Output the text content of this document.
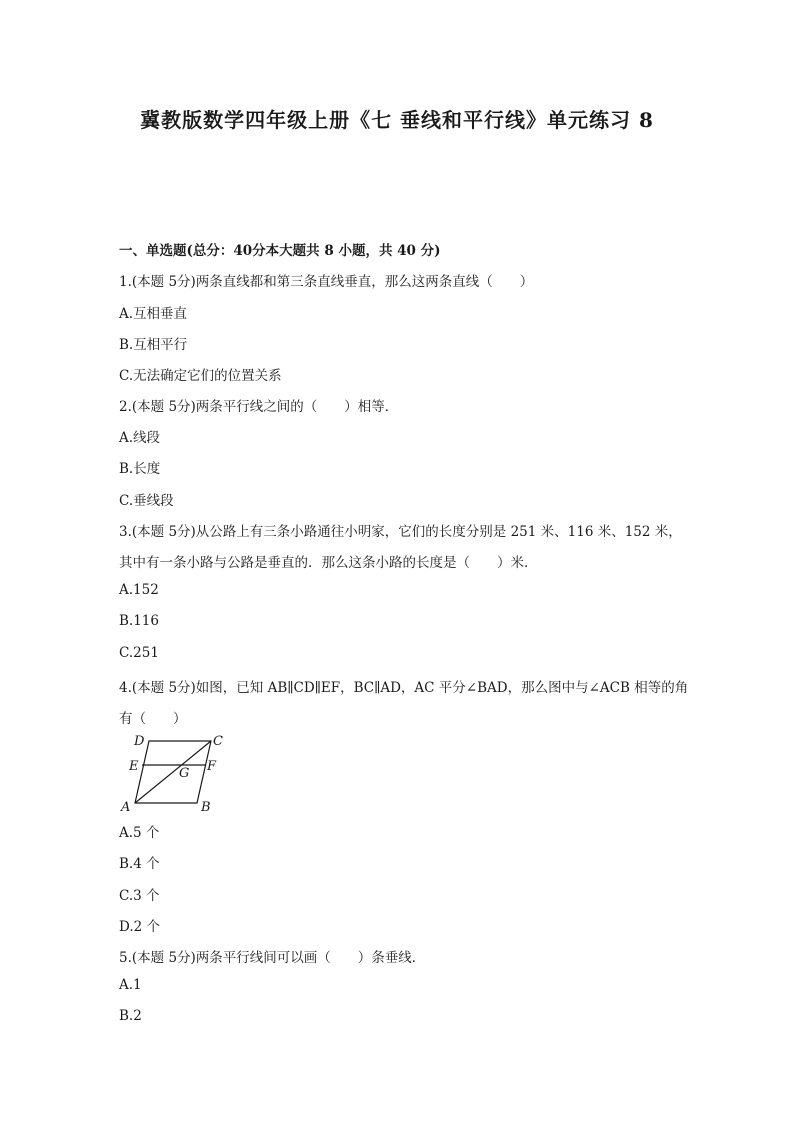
冀教版数学四年级上册《七 垂线和平行线》单元练习 8
一、单选题(总分：40分本大题共 8 小题，共 40 分)
1.(本题 5分)两条直线都和第三条直线垂直，那么这两条直线（　　）
A.互相垂直
B.互相平行
C.无法确定它们的位置关系
2.(本题 5分)两条平行线之间的（　　）相等．
A.线段
B.长度
C.垂线段
3.(本题 5分)从公路上有三条小路通往小明家，它们的长度分别是 251 米、116 米、152 米，
其中有一条小路与公路是垂直的．那么这条小路的长度是（　　）米．
A.152
B.116
C.251
4.(本题 5分)如图，已知 AB∥CD∥EF，BC∥AD，AC 平分∠BAD，那么图中与∠ACB 相等的角
有（　　）
A	B
C
D
E	F
G
A.5 个
B.4 个
C.3 个
D.2 个
5.(本题 5分)两条平行线间可以画（　　）条垂线．
A.1
B.2
